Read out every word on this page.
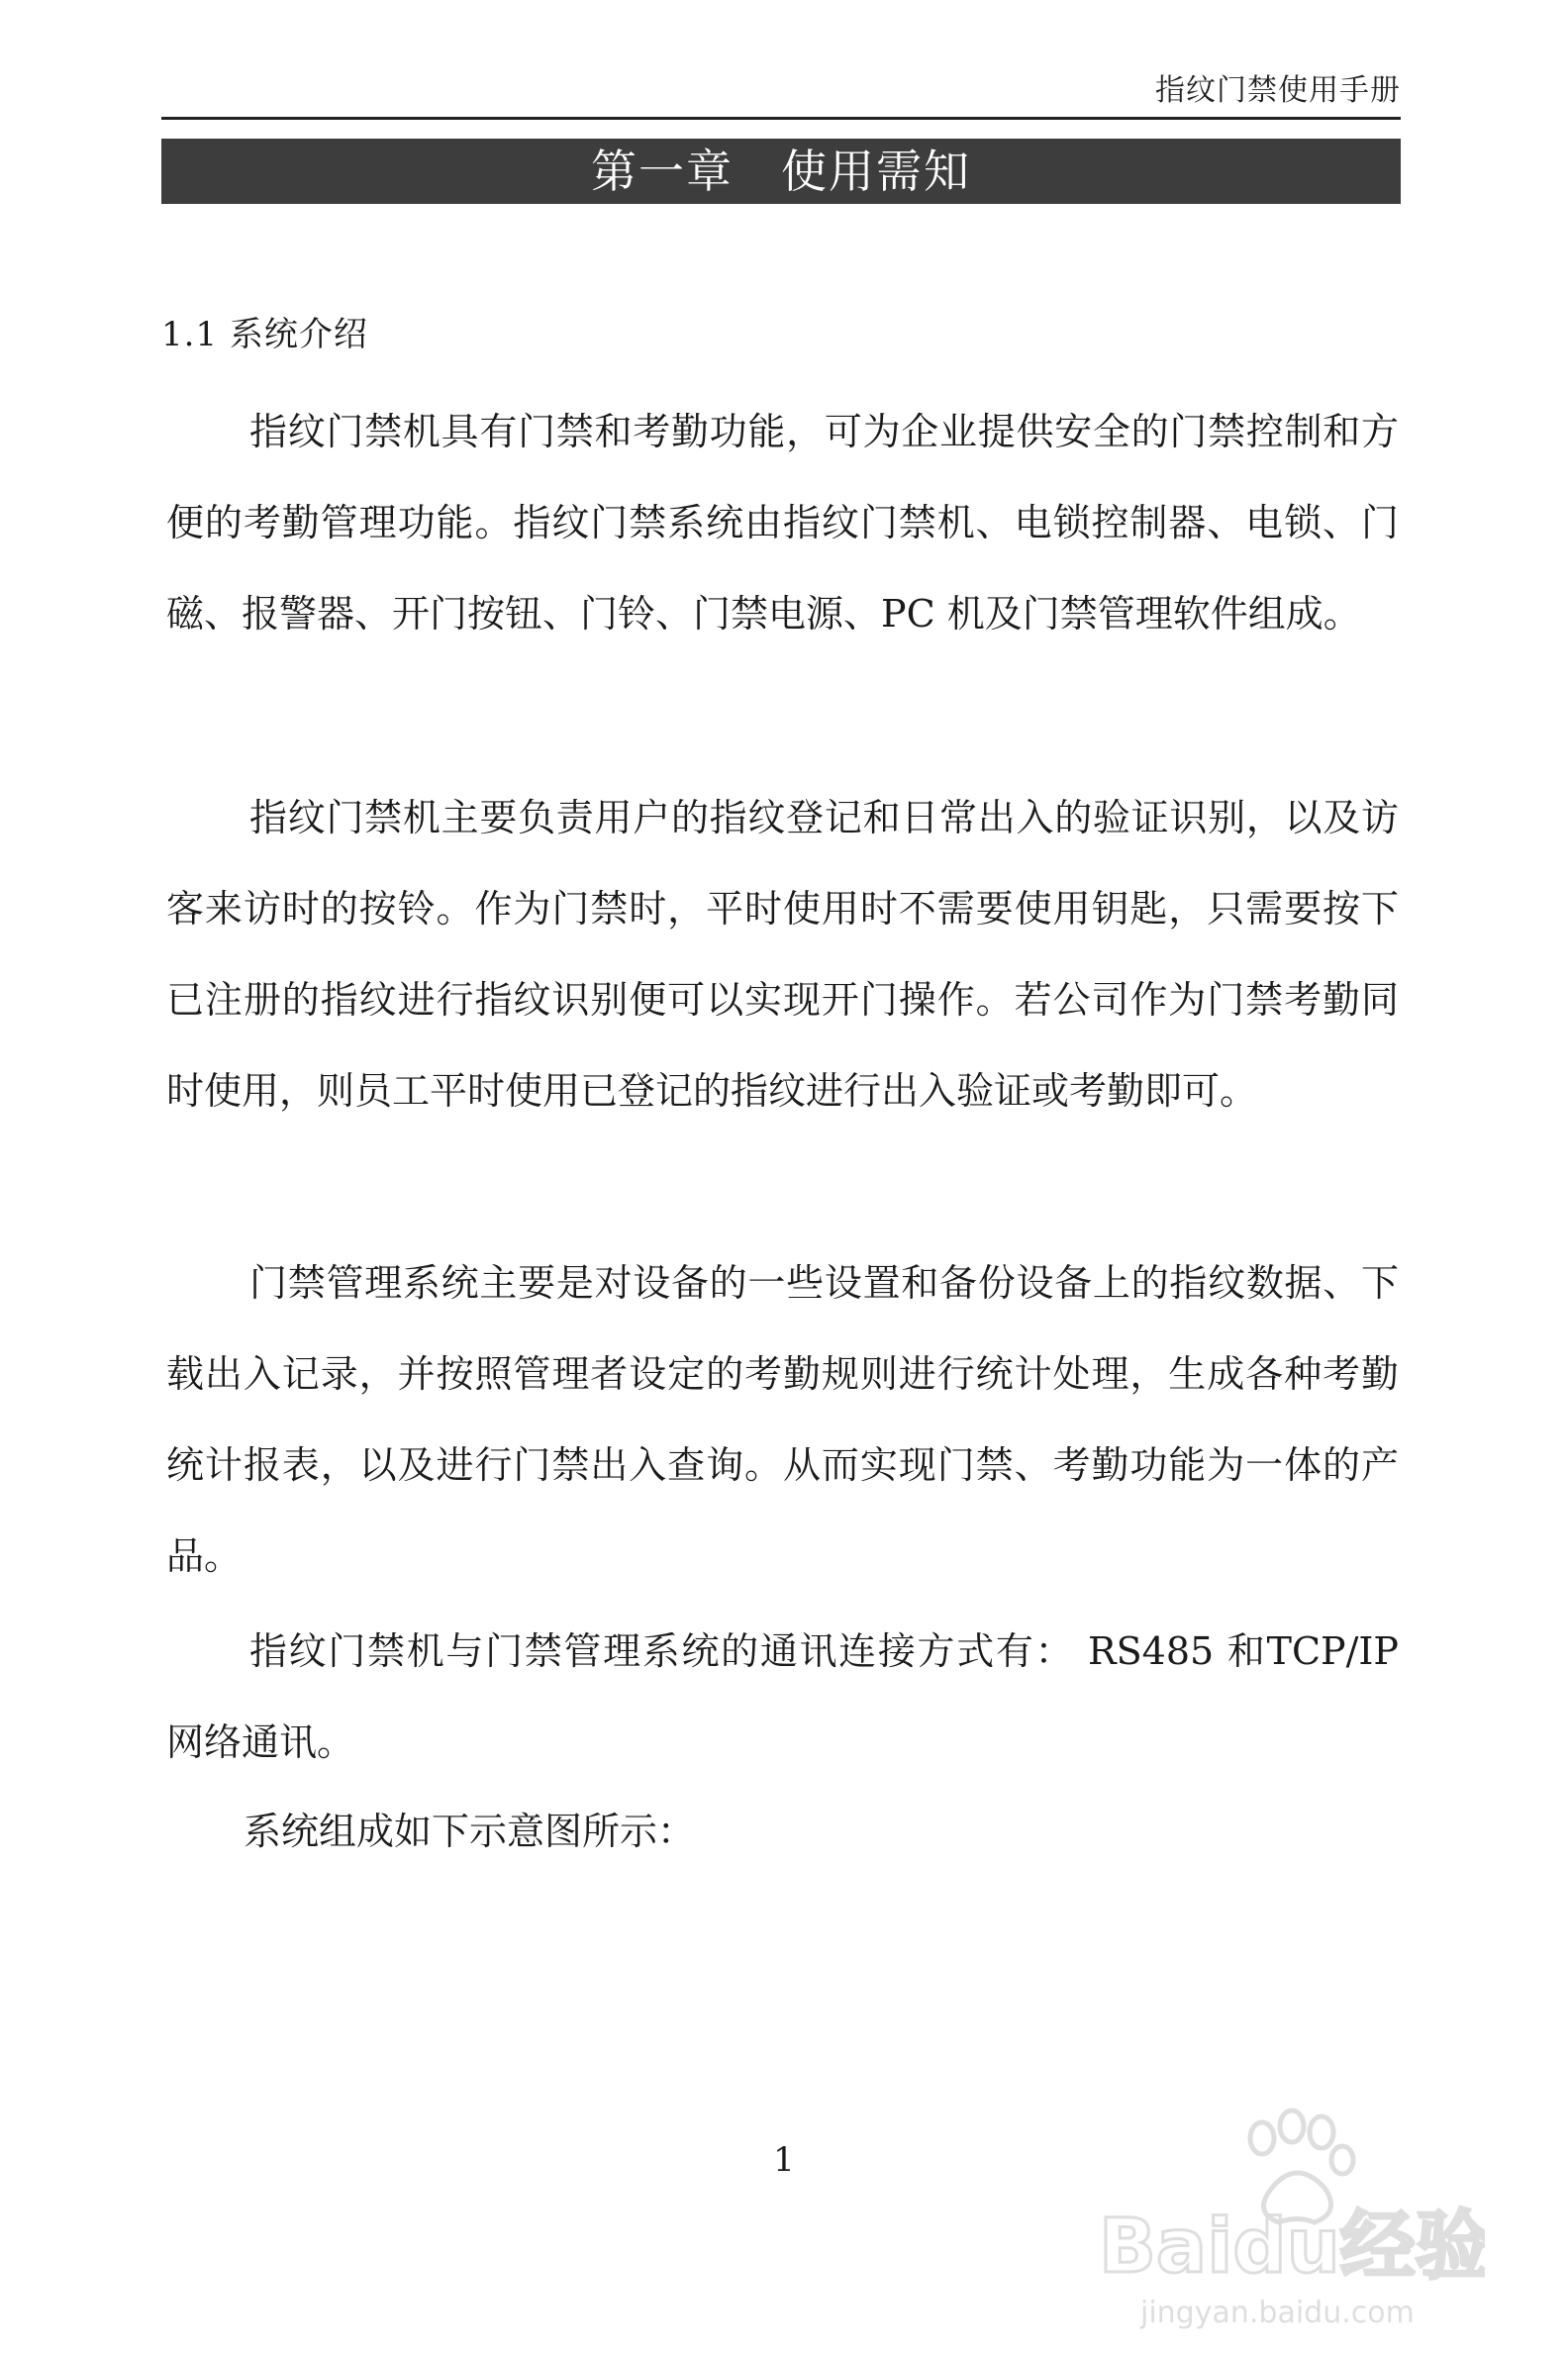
指纹门禁使用手册
第一章 使用需知
1.1 系统介绍

指纹门禁机具有门禁和考勤功能，可为企业提供安全的门禁控制和方便的考勤管理功能。指纹门禁系统由指纹门禁机、电锁控制器、电锁、门磁、报警器、开门按钮、门铃、门禁电源、PC 机及门禁管理软件组成。

指纹门禁机主要负责用户的指纹登记和日常出入的验证识别，以及访客来访时的按铃。作为门禁时，平时使用时不需要使用钥匙，只需要按下已注册的指纹进行指纹识别便可以实现开门操作。若公司作为门禁考勤同时使用，则员工平时使用已登记的指纹进行出入验证或考勤即可。

门禁管理系统主要是对设备的一些设置和备份设备上的指纹数据、下载出入记录，并按照管理者设定的考勤规则进行统计处理，生成各种考勤统计报表，以及进行门禁出入查询。从而实现门禁、考勤功能为一体的产品。

指纹门禁机与门禁管理系统的通讯连接方式有： RS485 和TCP/IP 网络通讯。

系统组成如下示意图所示：

1
Baidu经验
jingyan.baidu.com
